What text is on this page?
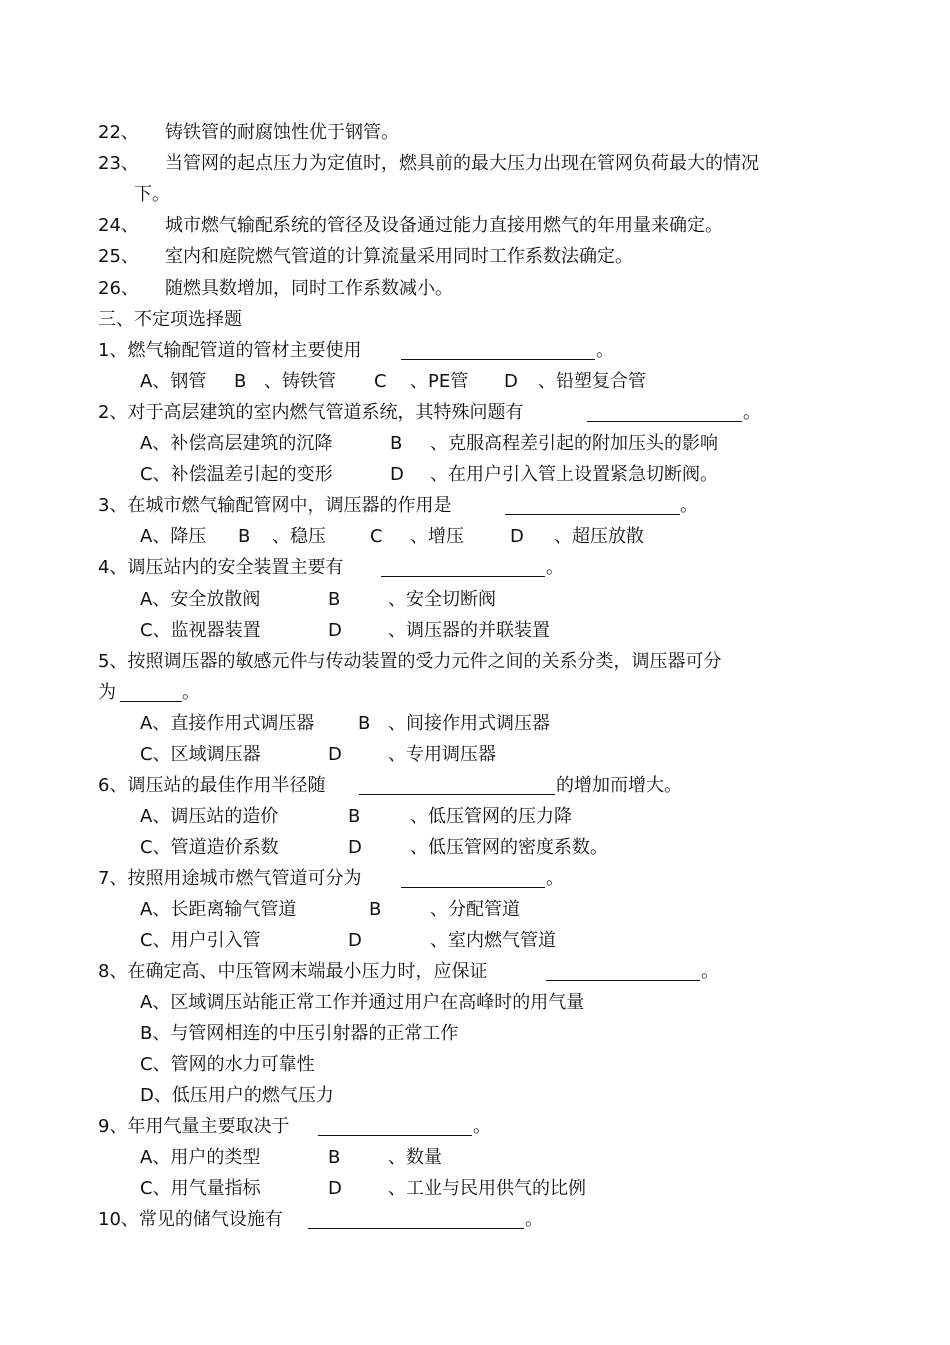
22、 铸铁管的耐腐蚀性优于钢管。
23、 当管网的起点压力为定值时，燃具前的最大压力出现在管网负荷最大的情况
下。
24、 城市燃气输配系统的管径及设备通过能力直接用燃气的年用量来确定。
25、 室内和庭院燃气管道的计算流量采用同时工作系数法确定。
26、 随燃具数增加，同时工作系数减小。
三、不定项选择题
1、燃气输配管道的管材主要使用	。
A、钢管 B 、铸铁管 C 、PE管 D 、铅塑复合管
2、对于高层建筑的室内燃气管道系统，其特殊问题有	。
A、补偿高层建筑的沉降	B 、克服高程差引起的附加压头的影响
C、补偿温差引起的变形	D 、在用户引入管上设置紧急切断阀。
3、在城市燃气输配管网中，调压器的作用是	。
A、降压 B 、稳压 C 、增压	D 、超压放散
4、调压站内的安全装置主要有	。
A、安全放散阀	B	、安全切断阀
C、监视器装置	D	、调压器的并联装置
5、按照调压器的敏感元件与传动装置的受力元件之间的关系分类，调压器可分
为	。
A、直接作用式调压器 B 、间接作用式调压器
C、区域调压器	D	、专用调压器
6、调压站的最佳作用半径随	的增加而增大。
A、调压站的造价	B	、低压管网的压力降
C、管道造价系数	D	、低压管网的密度系数。
7、按照用途城市燃气管道可分为	。
A、长距离输气管道	B	、分配管道
C、用户引入管	D	、室内燃气管道
8、在确定高、中压管网末端最小压力时，应保证	。
A、区域调压站能正常工作并通过用户在高峰时的用气量
B、与管网相连的中压引射器的正常工作
C、管网的水力可靠性
D、低压用户的燃气压力
9、年用气量主要取决于	。
A、用户的类型	B	、数量
C、用气量指标	D	、工业与民用供气的比例
10、常见的储气设施有	。
